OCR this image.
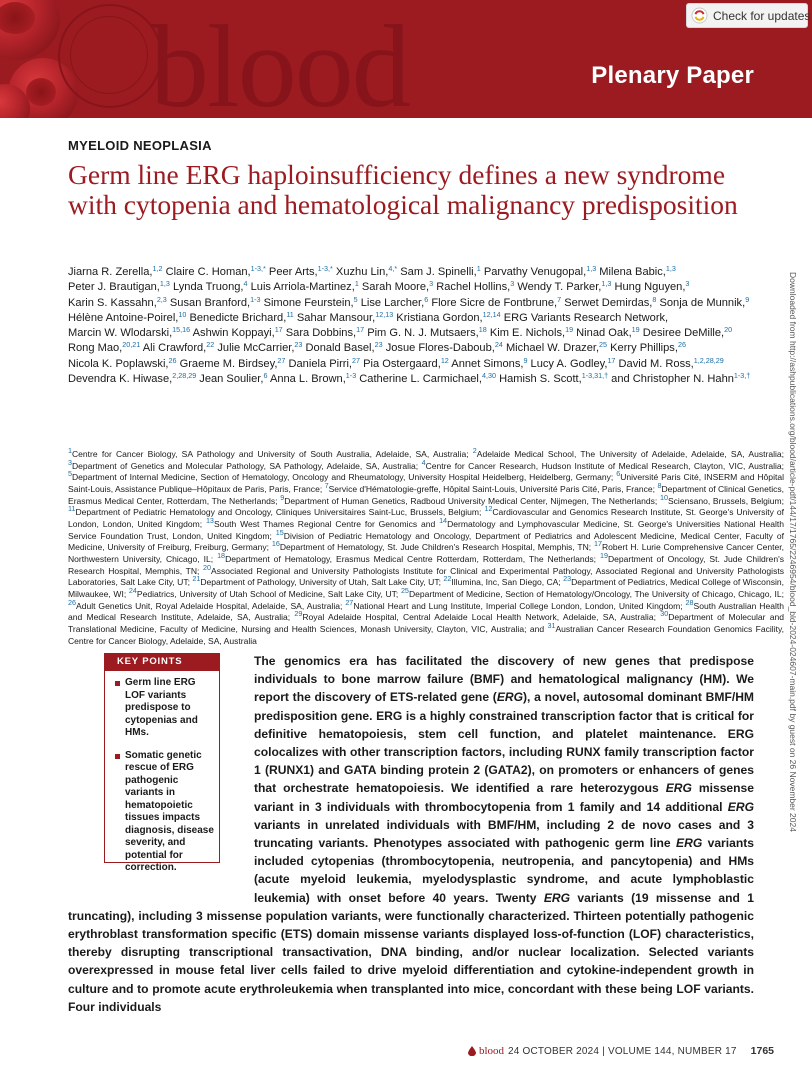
blood	Plenary Paper
Check for updates
Downloaded from http://ashpublications.org/blood/article-pdf/144/17/1765/2246954/blood_bld-2024-024607-main.pdf by guest on 26 November 2024
MYELOID NEOPLASIA
Germ line ERG haploinsufficiency defines a new syndrome with cytopenia and hematological malignancy predisposition
Jiarna R. Zerella,$^{1,2}$ Claire C. Homan,$^{1-3,*}$ Peer Arts,$^{1-3,*}$ Xuzhu Lin,$^{4,*}$ Sam J. Spinelli,$^1$ Parvathy Venugopal,$^{1,3}$ Milena Babic,$^{1,3}$ Peter J. Brautigan,$^{1,3}$ Lynda Truong,$^4$ Luis Arriola-Martinez,$^1$ Sarah Moore,$^3$ Rachel Hollins,$^3$ Wendy T. Parker,$^{1,3}$ Hung Nguyen,$^3$ Karin S. Kassahn,$^{2,3}$ Susan Branford,$^{1-3}$ Simone Feurstein,$^5$ Lise Larcher,$^6$ Flore Sicre de Fontbrune,$^7$ Serwet Demirdas,$^8$ Sonja de Munnik,$^9$ Hélène Antoine-Poirel,$^{10}$ Benedicte Brichard,$^{11}$ Sahar Mansour,$^{12,13}$ Kristiana Gordon,$^{12,14}$ ERG Variants Research Network, Marcin W. Wlodarski,$^{15,16}$ Ashwin Koppayi,$^{17}$ Sara Dobbins,$^{17}$ Pim G. N. J. Mutsaers,$^{18}$ Kim E. Nichols,$^{19}$ Ninad Oak,$^{19}$ Desiree DeMille,$^{20}$ Rong Mao,$^{20,21}$ Ali Crawford,$^{22}$ Julie McCarrier,$^{23}$ Donald Basel,$^{23}$ Josue Flores-Daboub,$^{24}$ Michael W. Drazer,$^{25}$ Kerry Phillips,$^{26}$ Nicola K. Poplawski,$^{26}$ Graeme M. Birdsey,$^{27}$ Daniela Pirri,$^{27}$ Pia Ostergaard,$^{12}$ Annet Simons,$^9$ Lucy A. Godley,$^{17}$ David M. Ross,$^{1,2,28,29}$ Devendra K. Hiwase,$^{2,28,29}$ Jean Soulier,$^6$ Anna L. Brown,$^{1-3}$ Catherine L. Carmichael,$^{4,30}$ Hamish S. Scott,$^{1-3,31,\dagger}$ and Christopher N. Hahn$^{1-3,\dagger}$
$^1$Centre for Cancer Biology, SA Pathology and University of South Australia, Adelaide, SA, Australia; $^2$Adelaide Medical School, The University of Adelaide, Adelaide, SA, Australia; $^3$Department of Genetics and Molecular Pathology, SA Pathology, Adelaide, SA, Australia; $^4$Centre for Cancer Research, Hudson Institute of Medical Research, Clayton, VIC, Australia; $^5$Department of Internal Medicine, Section of Hematology, Oncology and Rheumatology, University Hospital Heidelberg, Heidelberg, Germany; $^6$Université Paris Cité, INSERM and Hôpital Saint-Louis, Assistance Publique–Hôpitaux de Paris, Paris, France; $^7$Service d'Hématologie-greffe, Hôpital Saint-Louis, Université Paris Cité, Paris, France; $^8$Department of Clinical Genetics, Erasmus Medical Center, Rotterdam, The Netherlands; $^9$Department of Human Genetics, Radboud University Medical Center, Nijmegen, The Netherlands; $^{10}$Sciensano, Brussels, Belgium; $^{11}$Department of Pediatric Hematology and Oncology, Cliniques Universitaires Saint-Luc, Brussels, Belgium; $^{12}$Cardiovascular and Genomics Research Institute, St. George's University of London, London, United Kingdom; $^{13}$South West Thames Regional Centre for Genomics and $^{14}$Dermatology and Lymphovascular Medicine, St. George's Universities National Health Service Foundation Trust, London, United Kingdom; $^{15}$Division of Pediatric Hematology and Oncology, Department of Pediatrics and Adolescent Medicine, Medical Center, Faculty of Medicine, University of Freiburg, Freiburg, Germany; $^{16}$Department of Hematology, St. Jude Children's Research Hospital, Memphis, TN; $^{17}$Robert H. Lurie Comprehensive Cancer Center, Northwestern University, Chicago, IL; $^{18}$Department of Hematology, Erasmus Medical Centre Rotterdam, Rotterdam, The Netherlands; $^{19}$Department of Oncology, St. Jude Children's Research Hospital, Memphis, TN; $^{20}$Associated Regional and University Pathologists Institute for Clinical and Experimental Pathology, Associated Regional and University Pathologists Laboratories, Salt Lake City, UT; $^{21}$Department of Pathology, University of Utah, Salt Lake City, UT; $^{22}$Illumina, Inc, San Diego, CA; $^{23}$Department of Pediatrics, Medical College of Wisconsin, Milwaukee, WI; $^{24}$Pediatrics, University of Utah School of Medicine, Salt Lake City, UT; $^{25}$Department of Medicine, Section of Hematology/Oncology, The University of Chicago, Chicago, IL; $^{26}$Adult Genetics Unit, Royal Adelaide Hospital, Adelaide, SA, Australia; $^{27}$National Heart and Lung Institute, Imperial College London, London, United Kingdom; $^{28}$South Australian Health and Medical Research Institute, Adelaide, SA, Australia; $^{29}$Royal Adelaide Hospital, Central Adelaide Local Health Network, Adelaide, SA, Australia; $^{30}$Department of Molecular and Translational Medicine, Faculty of Medicine, Nursing and Health Sciences, Monash University, Clayton, VIC, Australia; and $^{31}$Australian Cancer Research Foundation Genomics Facility, Centre for Cancer Biology, Adelaide, SA, Australia

The genomics era has facilitated the discovery of new genes that predispose individuals to bone marrow failure (BMF) and hematological malignancy (HM). We report the discovery of ETS-related gene (ERG), a novel, autosomal dominant BMF/HM predisposition gene. ERG is a highly constrained transcription factor that is critical for definitive hematopoiesis, stem cell function, and platelet maintenance. ERG colocalizes with other transcription factors, including RUNX family transcription factor 1 (RUNX1) and GATA binding protein 2 (GATA2), on promoters or enhancers of genes that orchestrate hematopoiesis. We identified a rare heterozygous ERG missense variant in 3 individuals with thrombocytopenia from 1 family and 14 additional ERG variants in unrelated individuals with BMF/HM, including 2 de novo cases and 3 truncating variants. Phenotypes associated with pathogenic germ line ERG variants included cytopenias (thrombocytopenia, neutropenia, and pancytopenia) and HMs (acute myeloid leukemia, myelodysplastic syndrome, and acute lymphoblastic leukemia) with onset before 40 years. Twenty ERG variants (19 missense and 1 truncating), including 3 missense population variants, were functionally characterized. Thirteen potentially pathogenic erythroblast transformation specific (ETS) domain missense variants displayed loss-of-function (LOF) characteristics, thereby disrupting transcriptional transactivation, DNA binding, and/or nuclear localization. Selected variants overexpressed in mouse fetal liver cells failed to drive myeloid differentiation and cytokine-independent growth in culture and to promote acute erythroleukemia when transplanted into mice, concordant with these being LOF variants. Four individuals

KEY POINTS
Germ line ERG LOF variants predispose to cytopenias and HMs.
Somatic genetic rescue of ERG pathogenic variants in hematopoietic tissues impacts diagnosis, disease severity, and potential for correction.
blood 24 OCTOBER 2024 | VOLUME 144, NUMBER 17 1765
